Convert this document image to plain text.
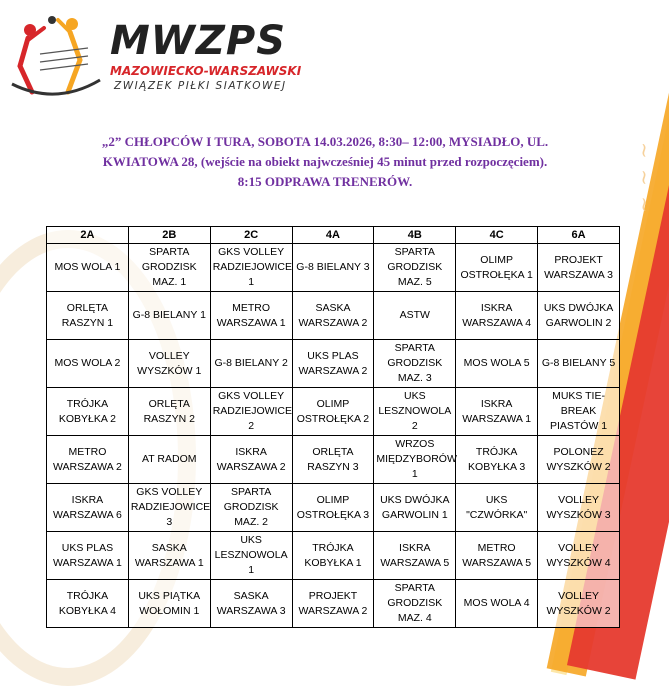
~ ~ ~
MWZPS
MAZOWIECKO-WARSZAWSKI
ZWIĄZEK PIŁKI SIATKOWEJ
„2” CHŁOPCÓW I TURA, SOBOTA 14.03.2026, 8:30– 12:00, MYSIADŁO, UL.
KWIATOWA 28, (wejście na obiekt najwcześniej 45 minut przed rozpoczęciem).
8:15 ODPRAWA TRENERÓW.
2A	2B	2C	4A	4B	4C	6A
MOS WOLA 1	SPARTA GRODZISK MAZ. 1	GKS VOLLEY RADZIEJOWICE 1	G-8 BIELANY 3	SPARTA GRODZISK MAZ. 5	OLIMP OSTROŁĘKA 1	PROJEKT WARSZAWA 3
ORLĘTA RASZYN 1	G-8 BIELANY 1	METRO WARSZAWA 1	SASKA WARSZAWA 2	ASTW	ISKRA WARSZAWA 4	UKS DWÓJKA GARWOLIN 2
MOS WOLA 2	VOLLEY WYSZKÓW 1	G-8 BIELANY 2	UKS PLAS WARSZAWA 2	SPARTA GRODZISK MAZ. 3	MOS WOLA 5	G-8 BIELANY 5
TRÓJKA KOBYŁKA 2	ORLĘTA RASZYN 2	GKS VOLLEY RADZIEJOWICE 2	OLIMP OSTROŁĘKA 2	UKS LESZNOWOLA 2	ISKRA WARSZAWA 1	MUKS TIE-BREAK PIASTÓW 1
METRO WARSZAWA 2	AT RADOM	ISKRA WARSZAWA 2	ORLĘTA RASZYN 3	WRZOS MIĘDZYBORÓW 1	TRÓJKA KOBYŁKA 3	POLONEZ WYSZKÓW 2
ISKRA WARSZAWA 6	GKS VOLLEY RADZIEJOWICE 3	SPARTA GRODZISK MAZ. 2	OLIMP OSTROŁĘKA 3	UKS DWÓJKA GARWOLIN 1	UKS "CZWÓRKA"	VOLLEY WYSZKÓW 3
UKS PLAS WARSZAWA 1	SASKA WARSZAWA 1	UKS LESZNOWOLA 1	TRÓJKA KOBYŁKA 1	ISKRA WARSZAWA 5	METRO WARSZAWA 5	VOLLEY WYSZKÓW 4
TRÓJKA KOBYŁKA 4	UKS PIĄTKA WOŁOMIN 1	SASKA WARSZAWA 3	PROJEKT WARSZAWA 2	SPARTA GRODZISK MAZ. 4	MOS WOLA 4	VOLLEY WYSZKÓW 2
